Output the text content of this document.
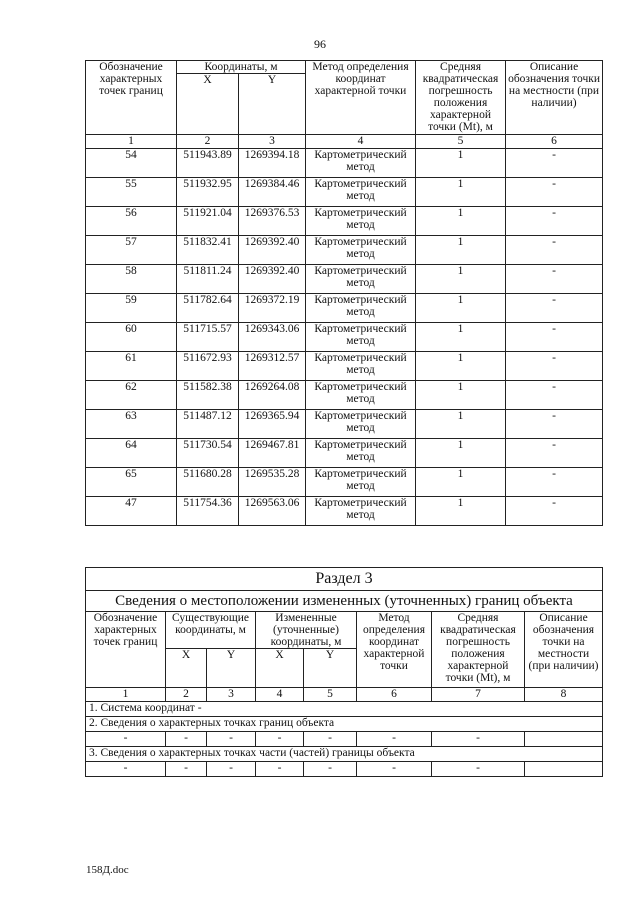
96
Обозначение характерных точек границ	Координаты, м		Метод определения координат характерной точки	Средняя квадратическая погрешность положения характерной точки (Mt), м	Описание обозначения точки на местности (при наличии)
	X	Y			
1	2	3	4	5	6
54	511943.89	1269394.18	Картометрический метод	1	-
55	511932.95	1269384.46	Картометрический метод	1	-
56	511921.04	1269376.53	Картометрический метод	1	-
57	511832.41	1269392.40	Картометрический метод	1	-
58	511811.24	1269392.40	Картометрический метод	1	-
59	511782.64	1269372.19	Картометрический метод	1	-
60	511715.57	1269343.06	Картометрический метод	1	-
61	511672.93	1269312.57	Картометрический метод	1	-
62	511582.38	1269264.08	Картометрический метод	1	-
63	511487.12	1269365.94	Картометрический метод	1	-
64	511730.54	1269467.81	Картометрический метод	1	-
65	511680.28	1269535.28	Картометрический метод	1	-
47	511754.36	1269563.06	Картометрический метод	1	-
Раздел 3							
Сведения о местоположении измененных (уточненных) границ объекта							
Обозначение характерных точек границ	Существующие координаты, м		Измененные (уточненные) координаты, м		Метод определения координат характерной точки	Средняя квадратическая погрешность положения характерной точки (Mt), м	Описание обозначения точки на местности (при наличии)
	X	Y	X	Y			
1	2	3	4	5	6	7	8
1. Система координат -							
2. Сведения о характерных точках границ объекта							
-	-	-	-	-	-	-	
3. Сведения о характерных точках части (частей) границы объекта							
-	-	-	-	-	-	-	
158Д.doc
